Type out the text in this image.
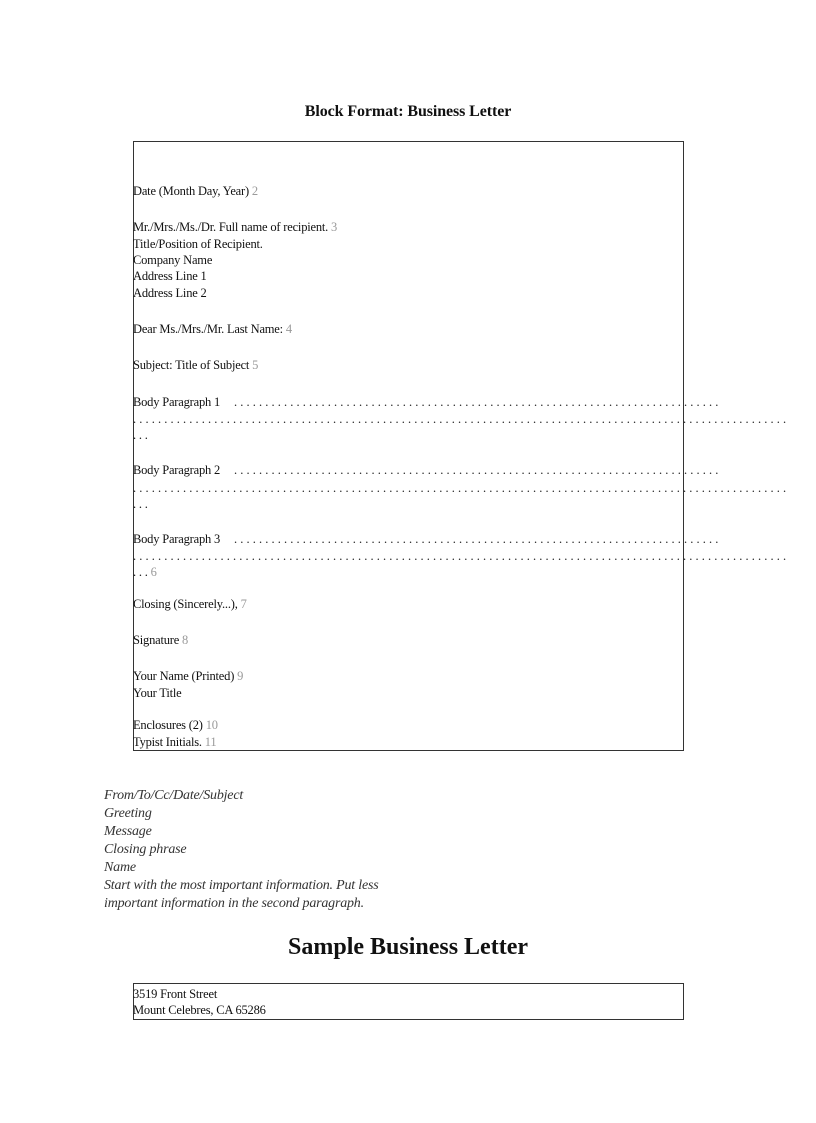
Block Format: Business Letter
Date (Month Day, Year) 2
Mr./Mrs./Ms./Dr. Full name of recipient. 3
Title/Position of Recipient.
Company Name
Address Line 1
Address Line 2
Dear Ms./Mrs./Mr. Last Name: 4
Subject: Title of Subject 5
Body Paragraph 1 . . . . . . . . . . . . . . . . . . . . . . . . . . . . . . . . . . . . . . . . . . . . . . . . . . . . . . . . . . . . . . . . . . . . . . . . . . . . . .
. . . . . . . . . . . . . . . . . . . . . . . . . . . . . . . . . . . . . . . . . . . . . . . . . . . . . . . . . . . . . . . . . . . . . . . . . . . . . . . . . . . . . . . . . . . . . . . . . . . . . . . . .
. . .
Body Paragraph 2 . . . . . . . . . . . . . . . . . . . . . . . . . . . . . . . . . . . . . . . . . . . . . . . . . . . . . . . . . . . . . . . . . . . . . . . . . . . . . .
. . . . . . . . . . . . . . . . . . . . . . . . . . . . . . . . . . . . . . . . . . . . . . . . . . . . . . . . . . . . . . . . . . . . . . . . . . . . . . . . . . . . . . . . . . . . . . . . . . . . . . . . .
. . .
Body Paragraph 3 . . . . . . . . . . . . . . . . . . . . . . . . . . . . . . . . . . . . . . . . . . . . . . . . . . . . . . . . . . . . . . . . . . . . . . . . . . . . . .
. . . . . . . . . . . . . . . . . . . . . . . . . . . . . . . . . . . . . . . . . . . . . . . . . . . . . . . . . . . . . . . . . . . . . . . . . . . . . . . . . . . . . . . . . . . . . . . . . . . . . . . . .
. . . 6
Closing (Sincerely...), 7
Signature 8
Your Name (Printed) 9
Your Title
Enclosures (2) 10
Typist Initials. 11
From/To/Cc/Date/Subject
Greeting
Message
Closing phrase
Name
Start with the most important information. Put less
important information in the second paragraph.
Sample Business Letter
3519 Front Street
Mount Celebres, CA 65286
